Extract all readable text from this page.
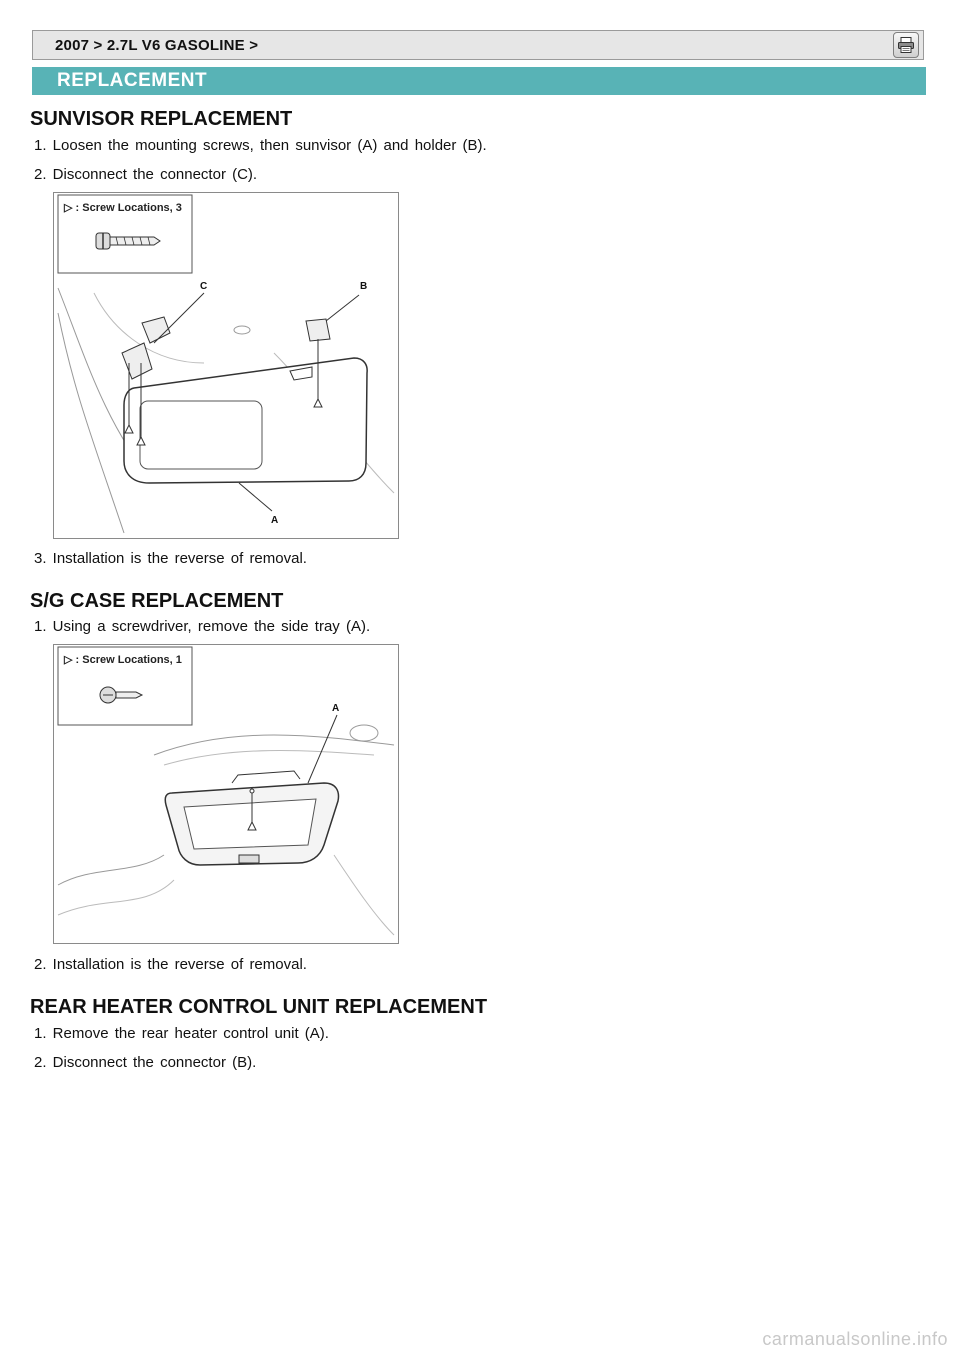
2007 > 2.7L V6 GASOLINE >
REPLACEMENT
SUNVISOR REPLACEMENT
1. Loosen the mounting screws, then sunvisor (A) and holder (B).
2. Disconnect the connector (C).
▷ : Screw Locations, 3
C	B
A
3. Installation is the reverse of removal.
S/G CASE REPLACEMENT
1. Using a screwdriver, remove the side tray (A).
▷ : Screw Locations, 1
A
2. Installation is the reverse of removal.
REAR HEATER CONTROL UNIT REPLACEMENT
1. Remove the rear heater control unit (A).
2. Disconnect the connector (B).
carmanualsonline.info
